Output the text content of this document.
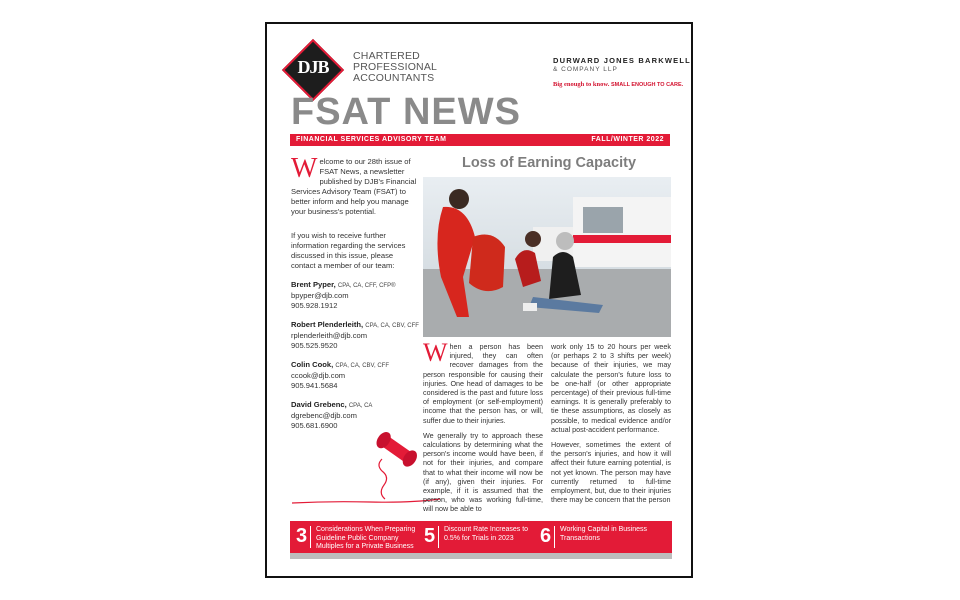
DJB
CHARTERED
PROFESSIONAL
ACCOUNTANTS
DURWARD JONES BARKWELL
& COMPANY LLP
Big enough to know. SMALL ENOUGH TO CARE.
FSAT NEWS
FINANCIAL SERVICES ADVISORY TEAM	FALL/WINTER 2022
Welcome to our 28th issue of FSAT News, a newsletter published by DJB's Financial Services Advisory Team (FSAT) to better inform and help you manage your business's potential.
If you wish to receive further information regarding the services discussed in this issue, please contact a member of our team:
Brent Pyper, CPA, CA, CFF, CFP®
bpyper@djb.com
905.928.1912
Robert Plenderleith, CPA, CA, CBV, CFF
rplenderleith@djb.com
905.525.9520
Colin Cook, CPA, CA, CBV, CFF
ccook@djb.com
905.941.5684
David Grebenc, CPA, CA
dgrebenc@djb.com
905.681.6900
Loss of Earning Capacity

When a person has been injured, they can often recover damages from the person responsible for causing their injuries. One head of damages to be considered is the past and future loss of employment (or self-employment) income that the person has, or will, suffer due to their injuries.

We generally try to approach these calculations by determining what the person's income would have been, if not for their injuries, and compare that to what their income will now be (if any), given their injuries. For example, if it is assumed that the person, who was working full-time, will now be able to

work only 15 to 20 hours per week (or perhaps 2 to 3 shifts per week) because of their injuries, we may calculate the person's future loss to be one-half (or other appropriate percentage) of their previous full-time earnings. It is generally preferably to tie these assumptions, as closely as possible, to medical evidence and/or actual post-accident performance.

However, sometimes the extent of the person's injuries, and how it will affect their future earning potential, is not yet known. The person may have currently returned to full-time employment, but, due to their injuries there may be concern that the person

3 Considerations When Preparing Guideline Public Company Multiples for a Private Business 5 Discount Rate Increases to 0.5% for Trials in 2023	6 Working Capital in Business Transactions
